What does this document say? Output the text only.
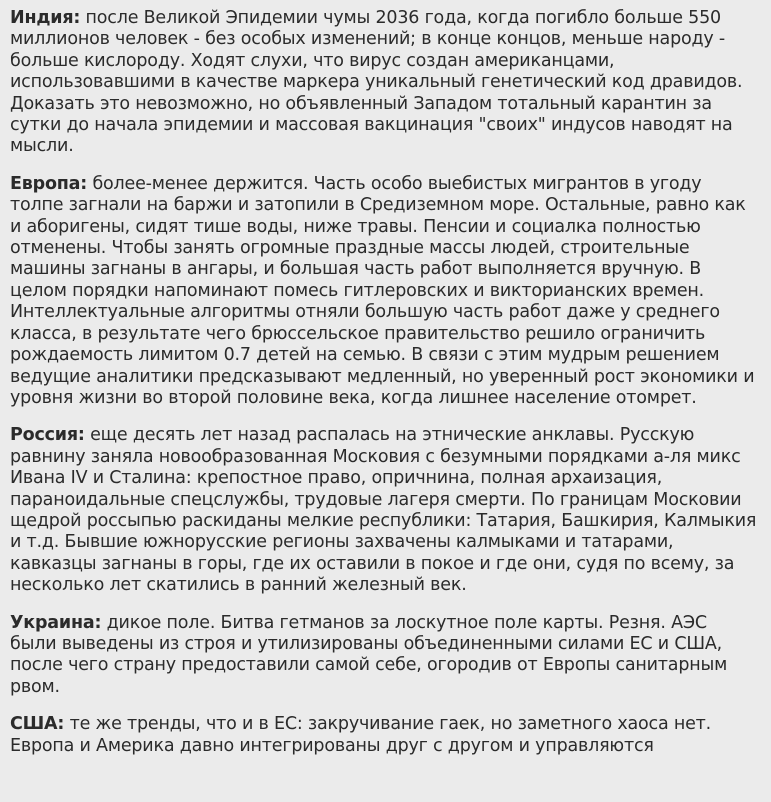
Индия: после Великой Эпидемии чумы 2036 года, когда погибло больше 550 миллионов человек - без особых изменений; в конце концов, меньше народу - больше кислороду. Ходят слухи, что вирус создан американцами, использовавшими в качестве маркера уникальный генетический код дравидов. Доказать это невозможно, но объявленный Западом тотальный карантин за сутки до начала эпидемии и массовая вакцинация "своих" индусов наводят на мысли.

Европа: более-менее держится. Часть особо выебистых мигрантов в угоду толпе загнали на баржи и затопили в Средиземном море. Остальные, равно как и аборигены, сидят тише воды, ниже травы. Пенсии и социалка полностью отменены. Чтобы занять огромные праздные массы людей, строительные машины загнаны в ангары, и большая часть работ выполняется вручную. В целом порядки напоминают помесь гитлеровских и викторианских времен. Интеллектуальные алгоритмы отняли большую часть работ даже у среднего класса, в результате чего брюссельское правительство решило ограничить рождаемость лимитом 0.7 детей на семью. В связи с этим мудрым решением ведущие аналитики предсказывают медленный, но уверенный рост экономики и уровня жизни во второй половине века, когда лишнее население отомрет.

Россия: еще десять лет назад распалась на этнические анклавы. Русскую равнину заняла новообразованная Московия с безумными порядками а-ля микс Ивана IV и Сталина: крепостное право, опричнина, полная архаизация, параноидальные спецслужбы, трудовые лагеря смерти. По границам Московии щедрой россыпью раскиданы мелкие республики: Татария, Башкирия, Калмыкия и т.д. Бывшие южнорусские регионы захвачены калмыками и татарами, кавказцы загнаны в горы, где их оставили в покое и где они, судя по всему, за несколько лет скатились в ранний железный век.

Украина: дикое поле. Битва гетманов за лоскутное поле карты. Резня. АЭС были выведены из строя и утилизированы объединенными силами ЕС и США, после чего страну предоставили самой себе, огородив от Европы санитарным рвом.

США: те же тренды, что и в ЕС: закручивание гаек, но заметного хаоса нет. Европа и Америка давно интегрированы друг с другом и управляются
